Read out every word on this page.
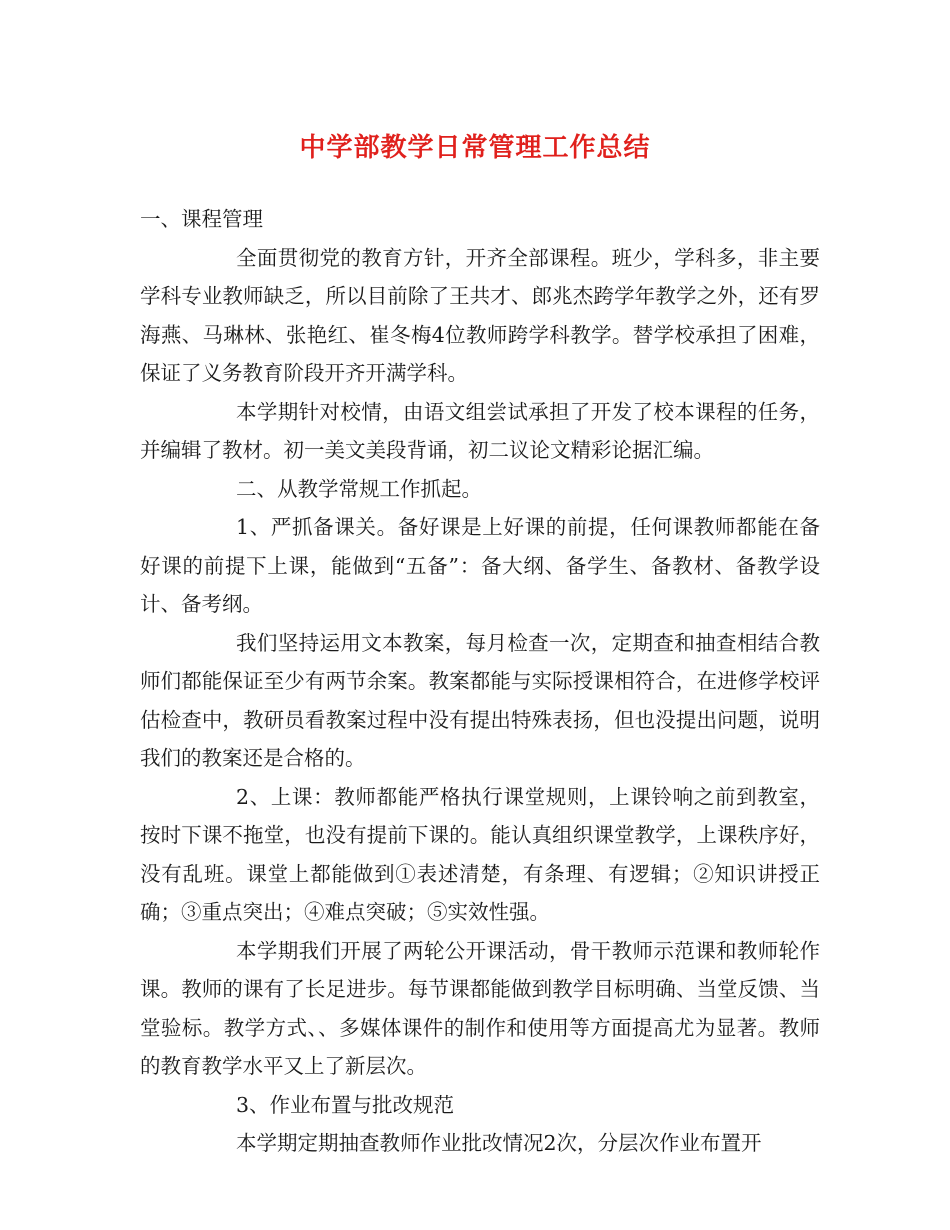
中学部教学日常管理工作总结

一、课程管理

全面贯彻党的教育方针，开齐全部课程。班少，学科多，非主要学科专业教师缺乏，所以目前除了王共才、郎兆杰跨学年教学之外，还有罗海燕、马琳林、张艳红、崔冬梅4位教师跨学科教学。替学校承担了困难，保证了义务教育阶段开齐开满学科。

本学期针对校情，由语文组尝试承担了开发了校本课程的任务，并编辑了教材。初一美文美段背诵，初二议论文精彩论据汇编。

二、从教学常规工作抓起。

1、严抓备课关。备好课是上好课的前提，任何课教师都能在备好课的前提下上课，能做到“五备”：备大纲、备学生、备教材、备教学设计、备考纲。

我们坚持运用文本教案，每月检查一次，定期查和抽查相结合教师们都能保证至少有两节余案。教案都能与实际授课相符合，在进修学校评估检查中，教研员看教案过程中没有提出特殊表扬，但也没提出问题，说明我们的教案还是合格的。

2、上课：教师都能严格执行课堂规则，上课铃响之前到教室，按时下课不拖堂，也没有提前下课的。能认真组织课堂教学，上课秩序好，没有乱班。课堂上都能做到①表述清楚，有条理、有逻辑；②知识讲授正确；③重点突出；④难点突破；⑤实效性强。

本学期我们开展了两轮公开课活动，骨干教师示范课和教师轮作课。教师的课有了长足进步。每节课都能做到教学目标明确、当堂反馈、当堂验标。教学方式、、多媒体课件的制作和使用等方面提高尤为显著。教师的教育教学水平又上了新层次。

3、作业布置与批改规范

本学期定期抽查教师作业批改情况2次，分层次作业布置开
